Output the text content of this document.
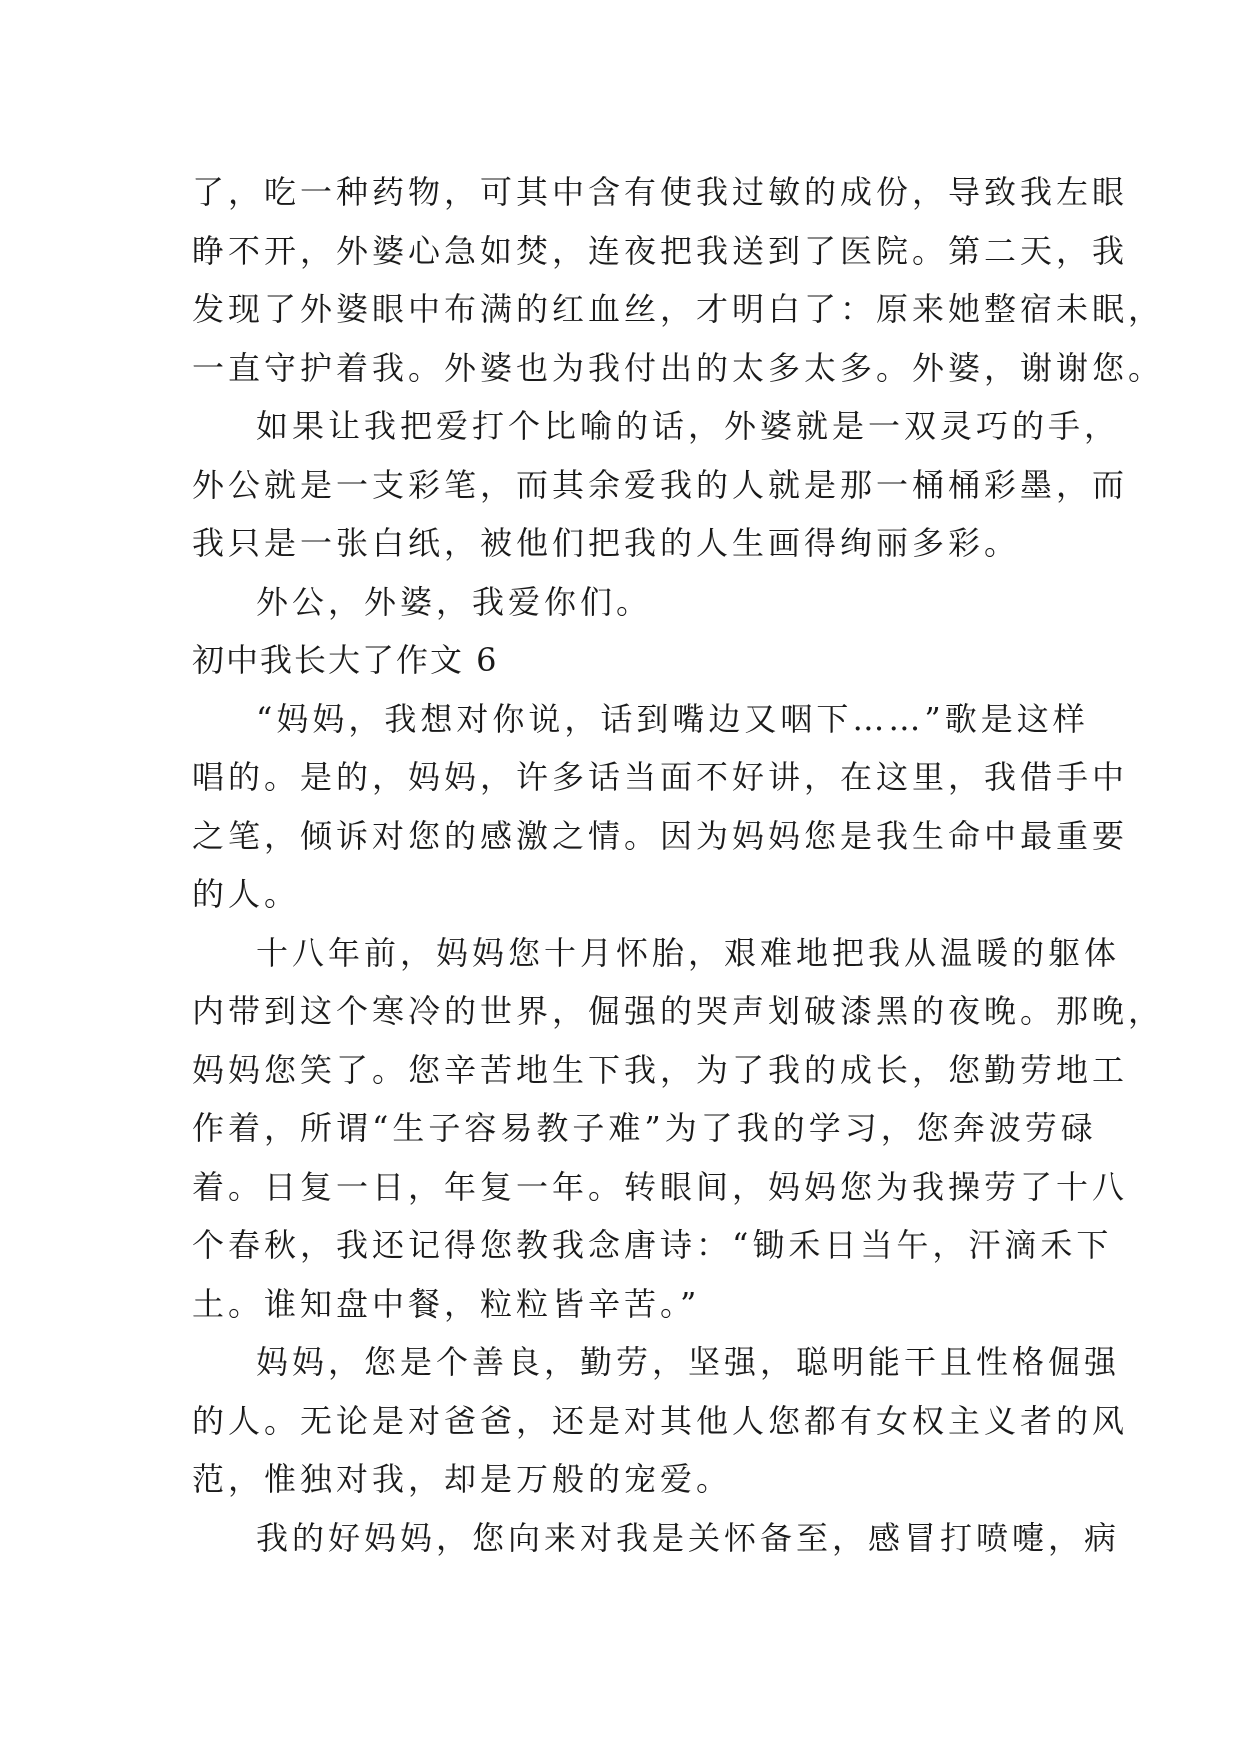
了，吃一种药物，可其中含有使我过敏的成份，导致我左眼
睁不开，外婆心急如焚，连夜把我送到了医院。第二天，我
发现了外婆眼中布满的红血丝，才明白了：原来她整宿未眠，
一直守护着我。外婆也为我付出的太多太多。外婆，谢谢您。
如果让我把爱打个比喻的话，外婆就是一双灵巧的手，
外公就是一支彩笔，而其余爱我的人就是那一桶桶彩墨，而
我只是一张白纸，被他们把我的人生画得绚丽多彩。
外公，外婆，我爱你们。
初中我长大了作文 6
“妈妈，我想对你说，话到嘴边又咽下……”歌是这样
唱的。是的，妈妈，许多话当面不好讲，在这里，我借手中
之笔，倾诉对您的感激之情。因为妈妈您是我生命中最重要
的人。
十八年前，妈妈您十月怀胎，艰难地把我从温暖的躯体
内带到这个寒冷的世界，倔强的哭声划破漆黑的夜晚。那晚，
妈妈您笑了。您辛苦地生下我，为了我的成长，您勤劳地工
作着，所谓“生子容易教子难”为了我的学习，您奔波劳碌
着。日复一日，年复一年。转眼间，妈妈您为我操劳了十八
个春秋，我还记得您教我念唐诗：“锄禾日当午，汗滴禾下
土。谁知盘中餐，粒粒皆辛苦。”
妈妈，您是个善良，勤劳，坚强，聪明能干且性格倔强
的人。无论是对爸爸，还是对其他人您都有女权主义者的风
范，惟独对我，却是万般的宠爱。
我的好妈妈，您向来对我是关怀备至，感冒打喷嚏，病
